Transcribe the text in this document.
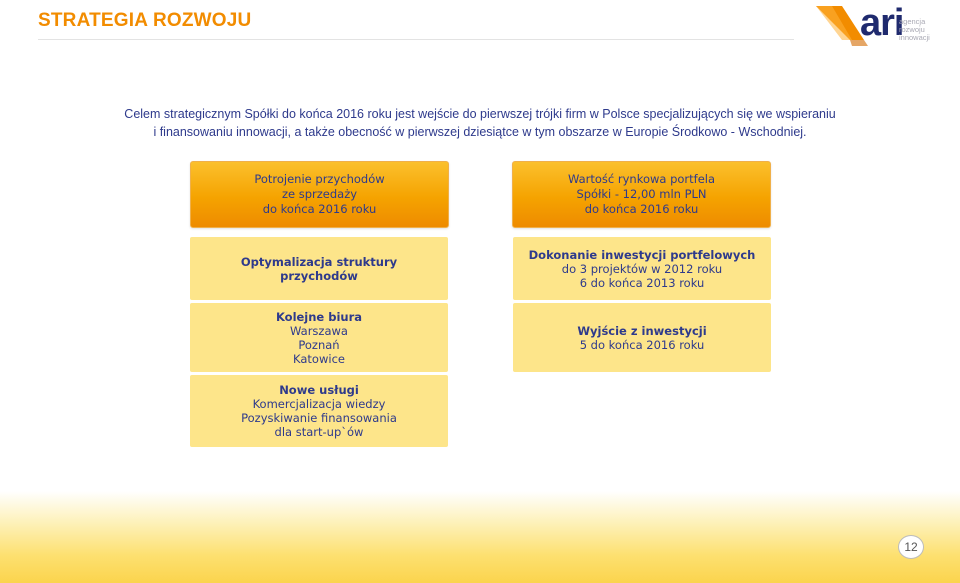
STRATEGIA ROZWOJU	ari
agencja
rozwoju
innowacji
Celem strategicznym Spółki do końca 2016 roku jest wejście do pierwszej trójki firm w Polsce specjalizujących się we wspieraniu
i finansowaniu innowacji, a także obecność w pierwszej dziesiątce w tym obszarze w Europie Środkowo - Wschodniej.
Potrojenie przychodów
ze sprzedaży
do końca 2016 roku
Wartość rynkowa portfela
Spółki - 12,00 mln PLN
do końca 2016 roku
Optymalizacja struktury
przychodów
Kolejne biura
Warszawa
Poznań
Katowice
Nowe usługi
Komercjalizacja wiedzy
Pozyskiwanie finansowania
dla start-up`ów
Dokonanie inwestycji portfelowych
do 3 projektów w 2012 roku
6 do końca 2013 roku
Wyjście z inwestycji
5 do końca 2016 roku
12
